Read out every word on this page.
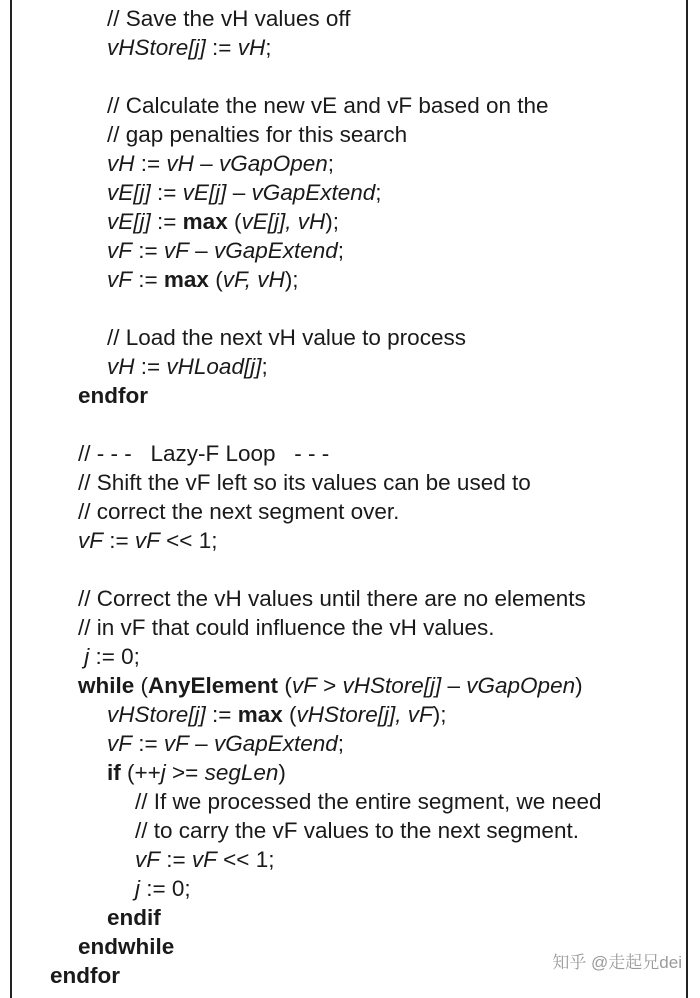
// Save the vH values off
vHStore[j] := vH;
// Calculate the new vE and vF based on the
// gap penalties for this search
vH := vH – vGapOpen;
vE[j] := vE[j] – vGapExtend;
vE[j] := max (vE[j], vH);
vF := vF – vGapExtend;
vF := max (vF, vH);
// Load the next vH value to process
vH := vHLoad[j];
endfor
// - - -   Lazy-F Loop   - - -
// Shift the vF left so its values can be used to
// correct the next segment over.
vF := vF << 1;
// Correct the vH values until there are no elements
// in vF that could influence the vH values.
j := 0;
while (AnyElement (vF > vHStore[j] – vGapOpen)
vHStore[j] := max (vHStore[j], vF);
vF := vF – vGapExtend;
if (++j >= segLen)
// If we processed the entire segment, we need
// to carry the vF values to the next segment.
vF := vF << 1;
j := 0;
endif
endwhile
endfor
知乎 @走起兄dei
